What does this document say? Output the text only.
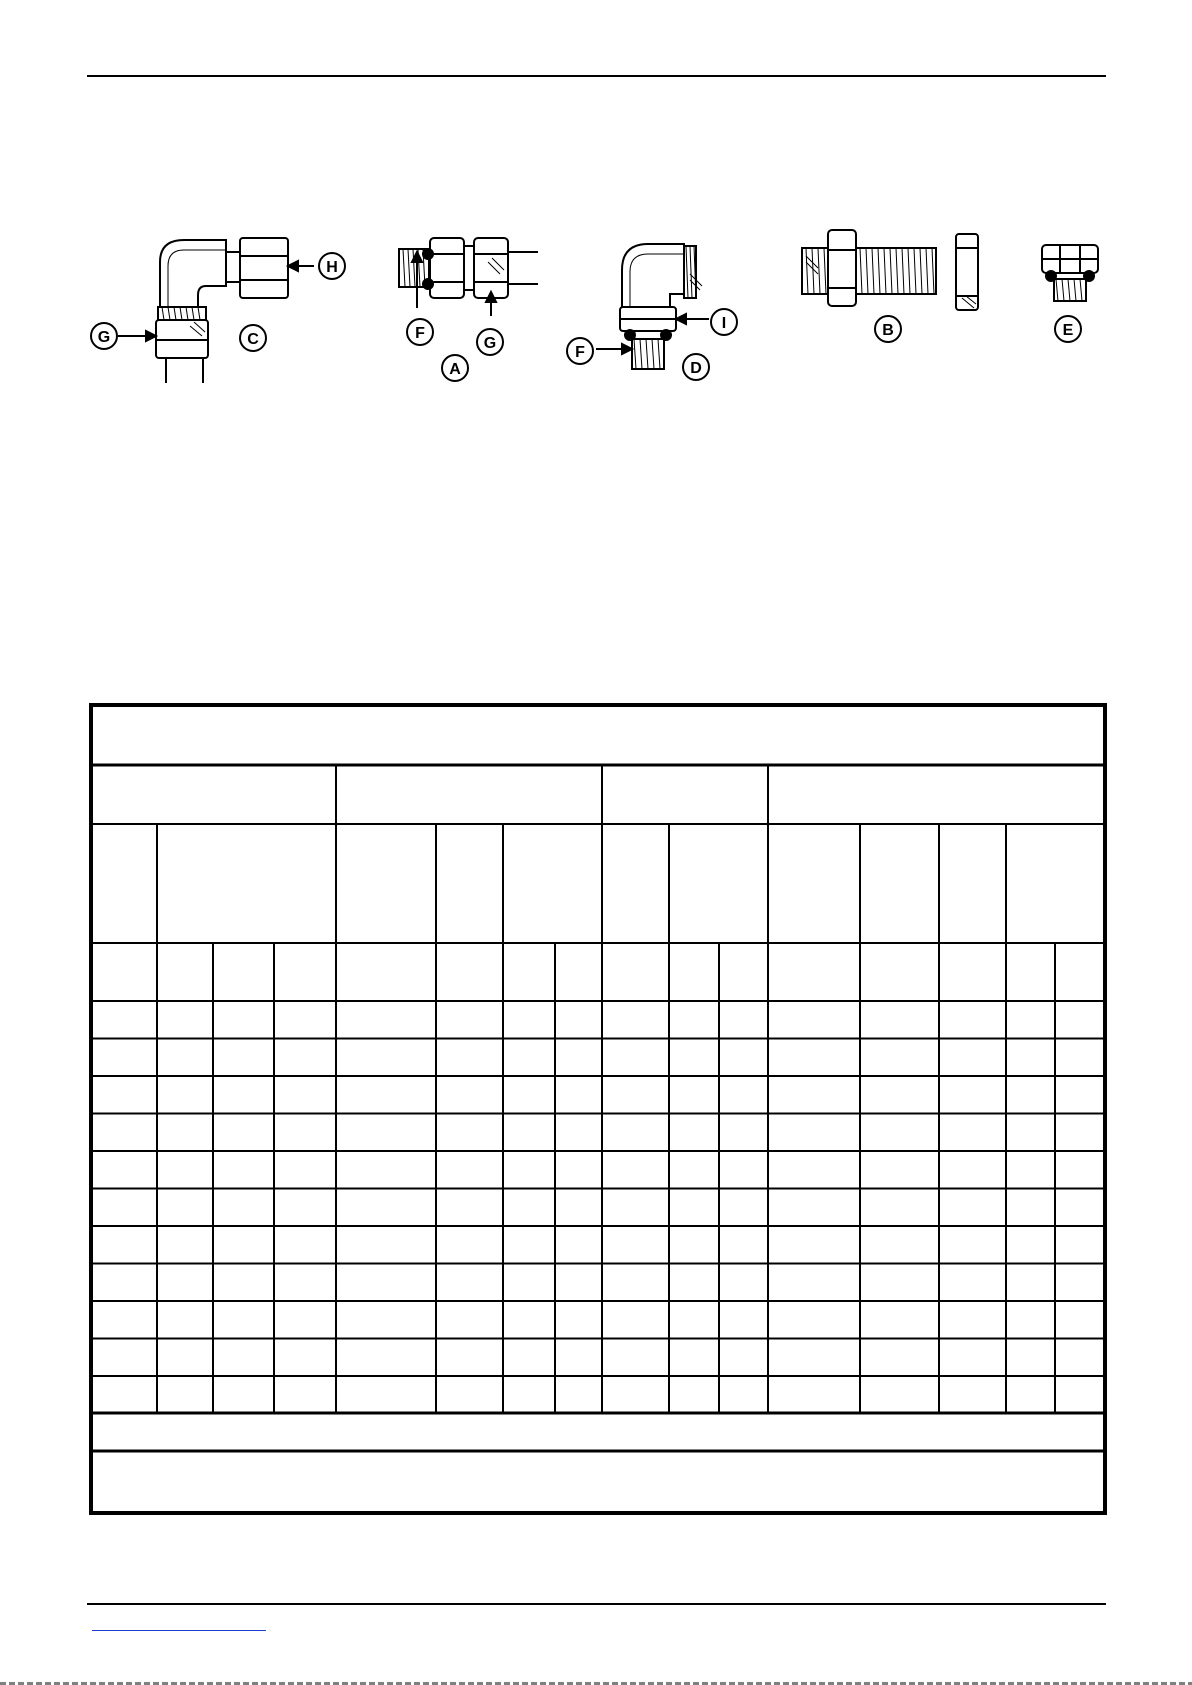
H
G	C	F
G
A
I
F
D
B	E
